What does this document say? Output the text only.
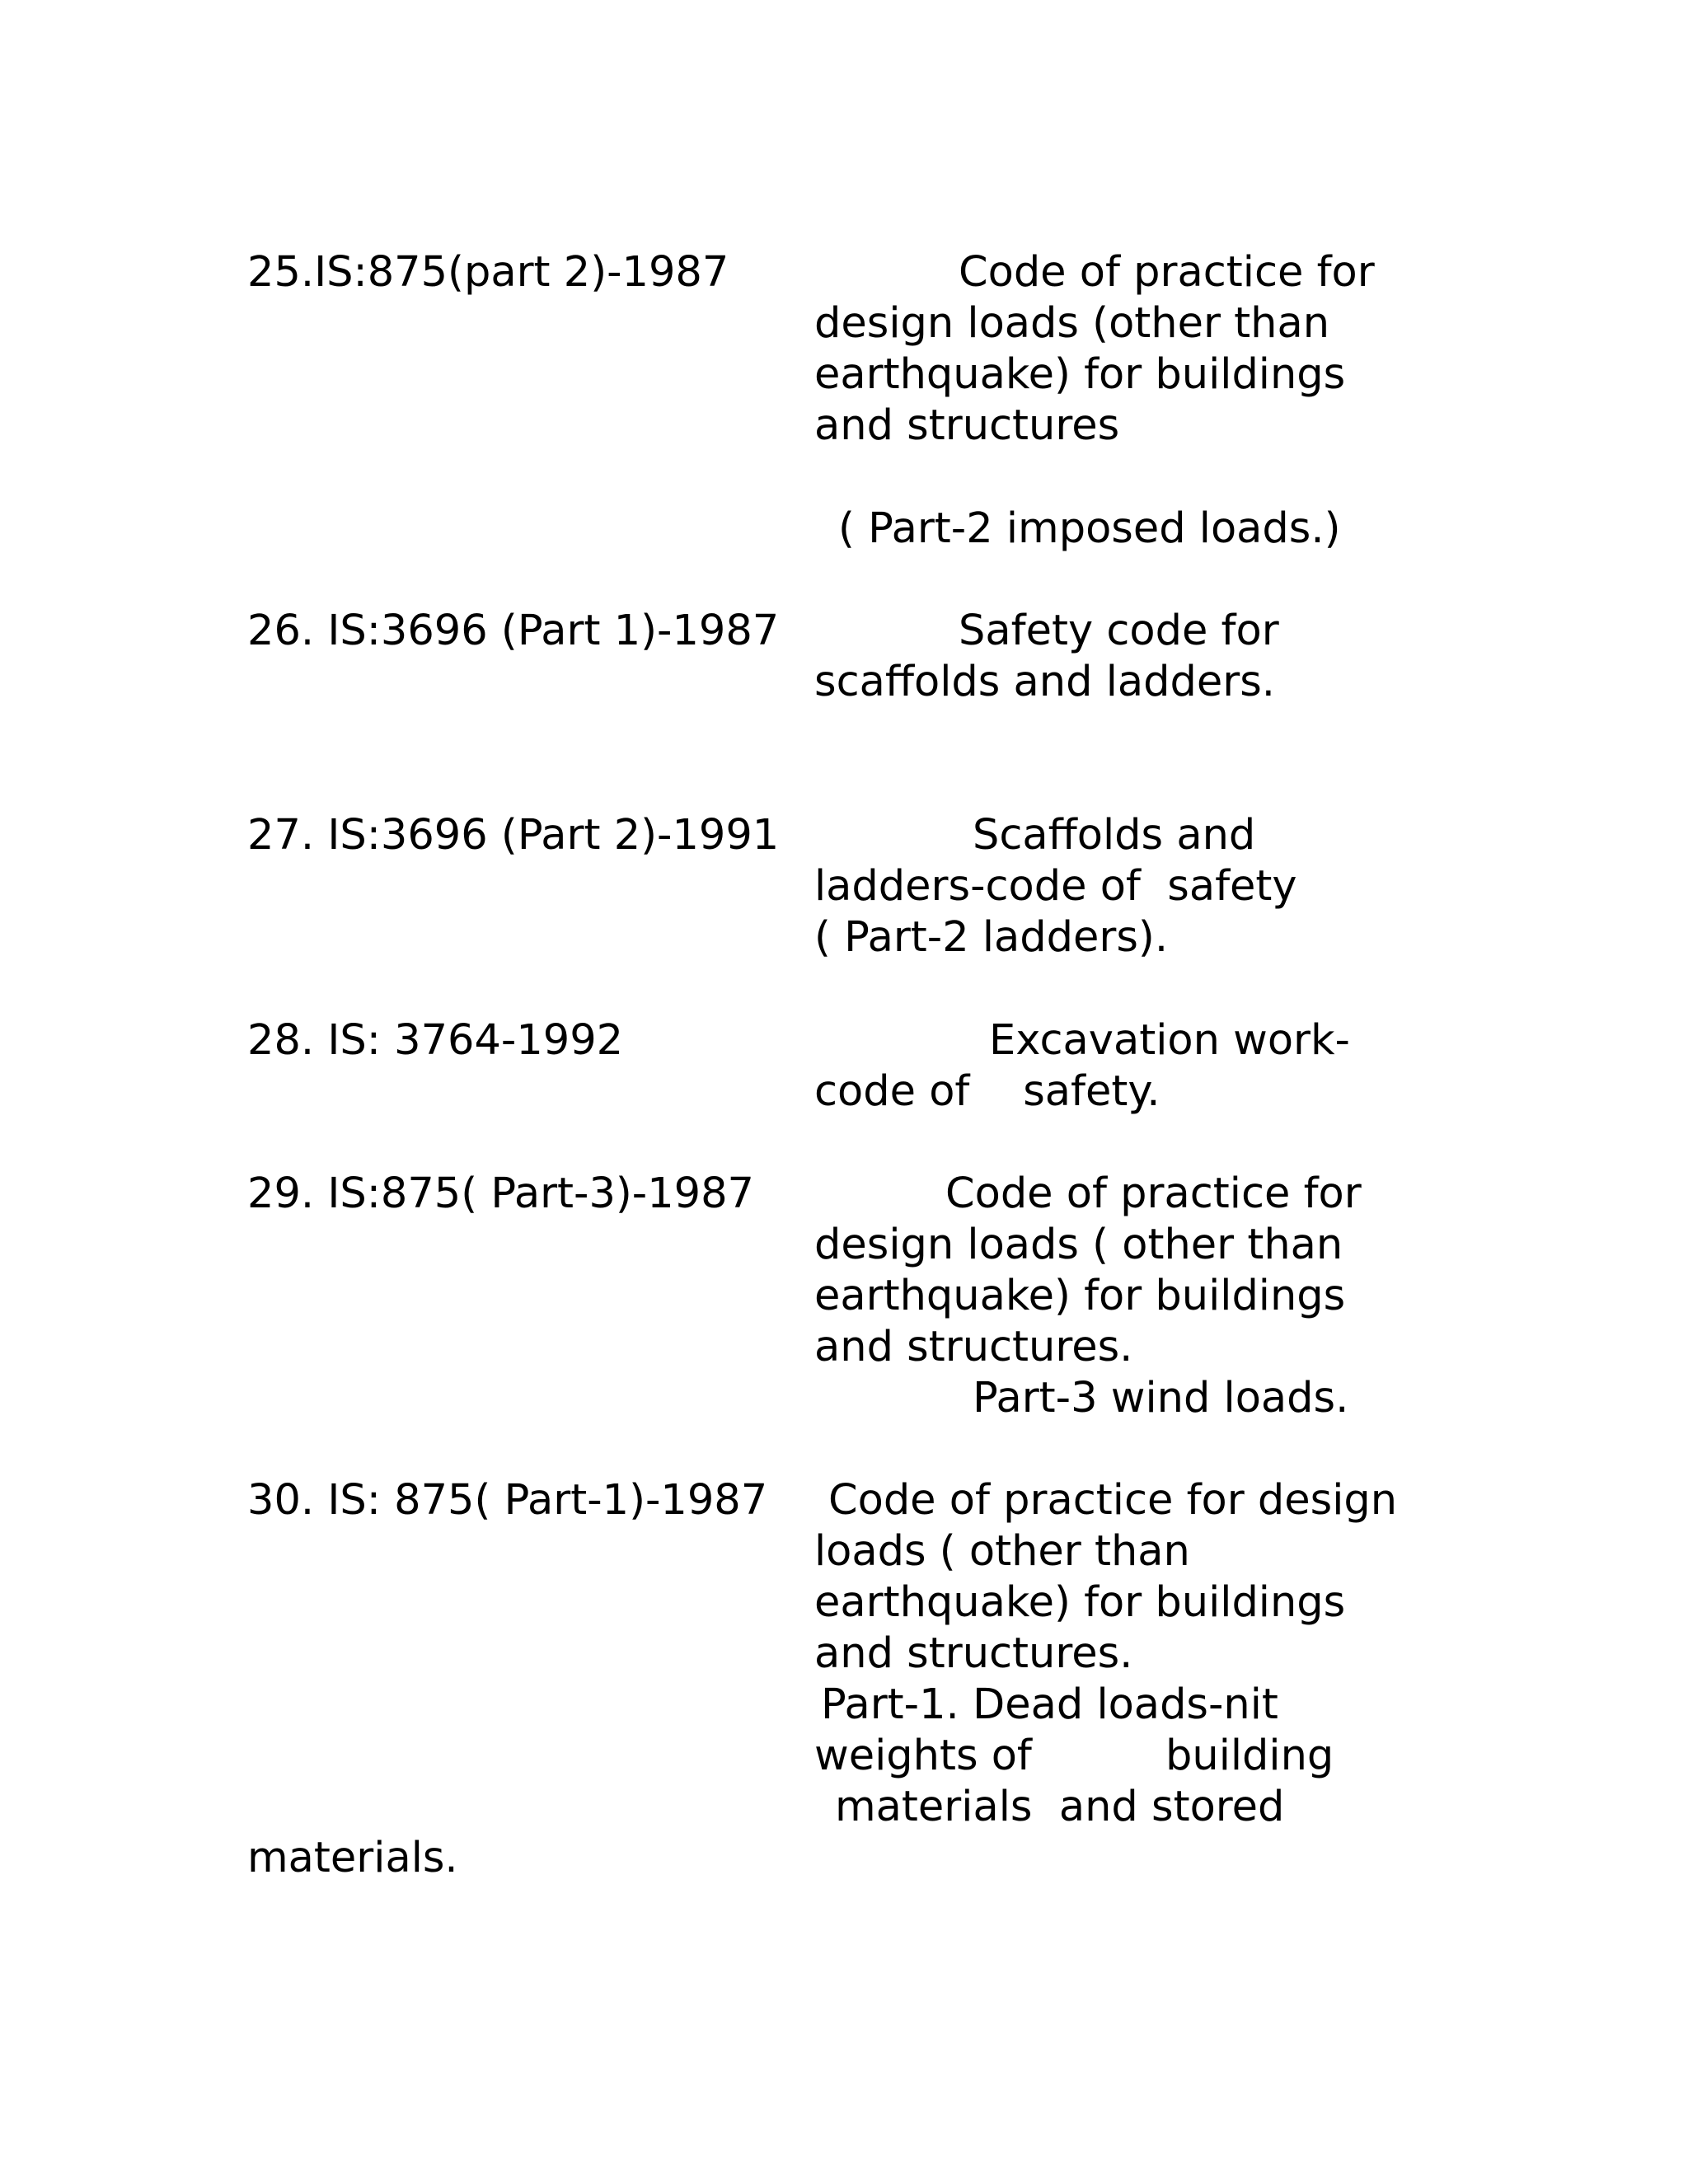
25.IS:875(part 2)-1987	Code of practice for

design loads (other than

earthquake) for buildings

and structures

( Part-2 imposed loads.)

26. IS:3696 (Part 1)-1987	Safety code for

scaffolds and ladders.

27. IS:3696 (Part 2)-1991	Scaffolds and

ladders-code of  safety

( Part-2 ladders).

28. IS: 3764-1992	Excavation work-

code of    safety.

29. IS:875( Part-3)-1987	Code of practice for

design loads ( other than

earthquake) for buildings

and structures.

Part-3 wind loads.

30. IS: 875( Part-1)-1987 Code of practice for design

loads ( other than

earthquake) for buildings

and structures.

Part-1. Dead loads-nit

weights of          building

materials  and stored

materials.
